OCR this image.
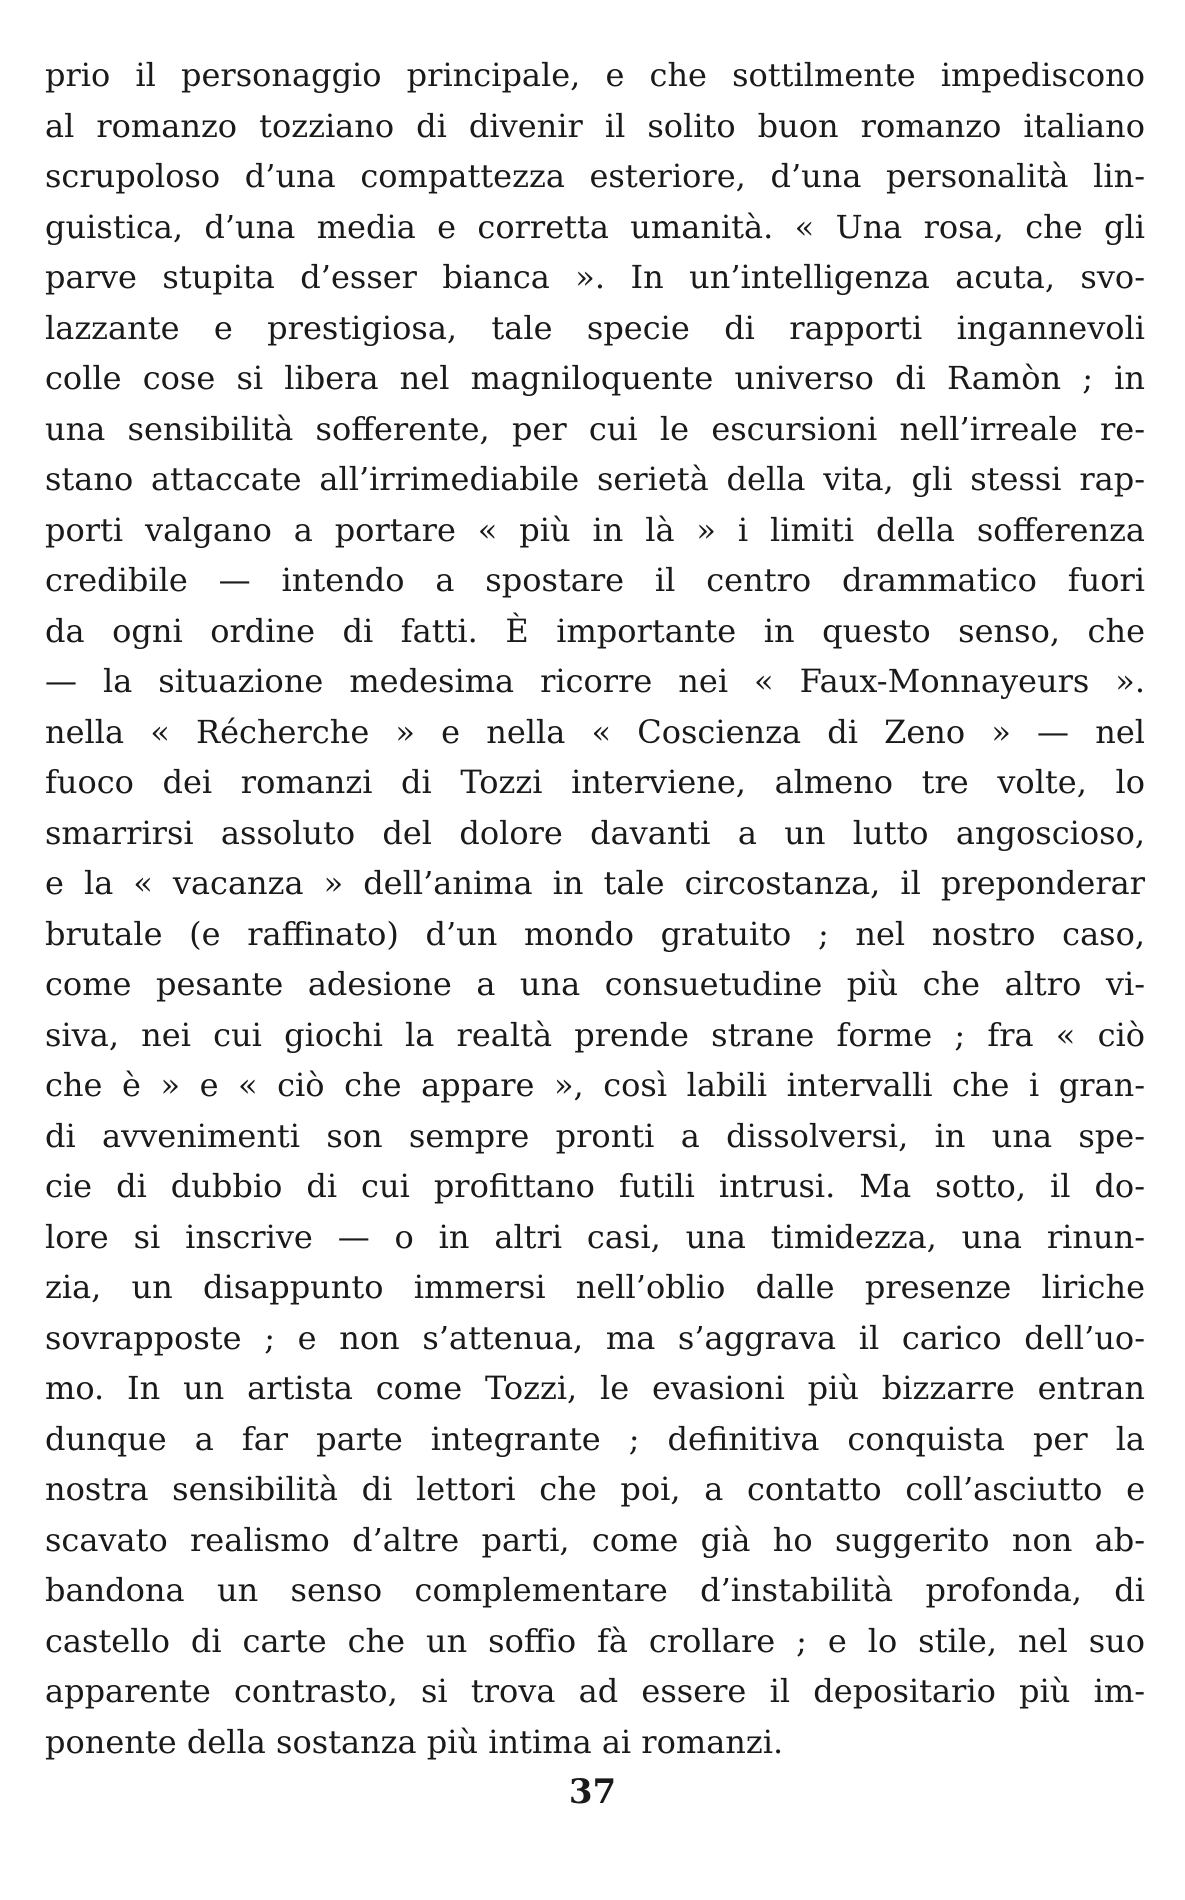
prio il personaggio principale, e che sottilmente impediscono
al romanzo tozziano di divenir il solito buon romanzo italiano
scrupoloso d’una compattezza esteriore, d’una personalità lin-
guistica, d’una media e corretta umanità. « Una rosa, che gli
parve stupita d’esser bianca ». In un’intelligenza acuta, svo-
lazzante e prestigiosa, tale specie di rapporti ingannevoli
colle cose si libera nel magniloquente universo di Ramòn ; in
una sensibilità sofferente, per cui le escursioni nell’irreale re-
stano attaccate all’irrimediabile serietà della vita, gli stessi rap-
porti valgano a portare « più in là » i limiti della sofferenza
credibile — intendo a spostare il centro drammatico fuori
da ogni ordine di fatti. È importante in questo senso, che
— la situazione medesima ricorre nei « Faux-Monnayeurs ».
nella « Récherche » e nella « Coscienza di Zeno » — nel
fuoco dei romanzi di Tozzi interviene, almeno tre volte, lo
smarrirsi assoluto del dolore davanti a un lutto angoscioso,
e la « vacanza » dell’anima in tale circostanza, il preponderar
brutale (e raffinato) d’un mondo gratuito ; nel nostro caso,
come pesante adesione a una consuetudine più che altro vi-
siva, nei cui giochi la realtà prende strane forme ; fra « ciò
che è » e « ciò che appare », così labili intervalli che i gran-
di avvenimenti son sempre pronti a dissolversi, in una spe-
cie di dubbio di cui profittano futili intrusi. Ma sotto, il do-
lore si inscrive — o in altri casi, una timidezza, una rinun-
zia, un disappunto immersi nell’oblio dalle presenze liriche
sovrapposte ; e non s’attenua, ma s’aggrava il carico dell’uo-
mo. In un artista come Tozzi, le evasioni più bizzarre entran
dunque a far parte integrante ; definitiva conquista per la
nostra sensibilità di lettori che poi, a contatto coll’asciutto e
scavato realismo d’altre parti, come già ho suggerito non ab-
bandona un senso complementare d’instabilità profonda, di
castello di carte che un soffio fà crollare ; e lo stile, nel suo
apparente contrasto, si trova ad essere il depositario più im-
ponente della sostanza più intima ai romanzi.
37
